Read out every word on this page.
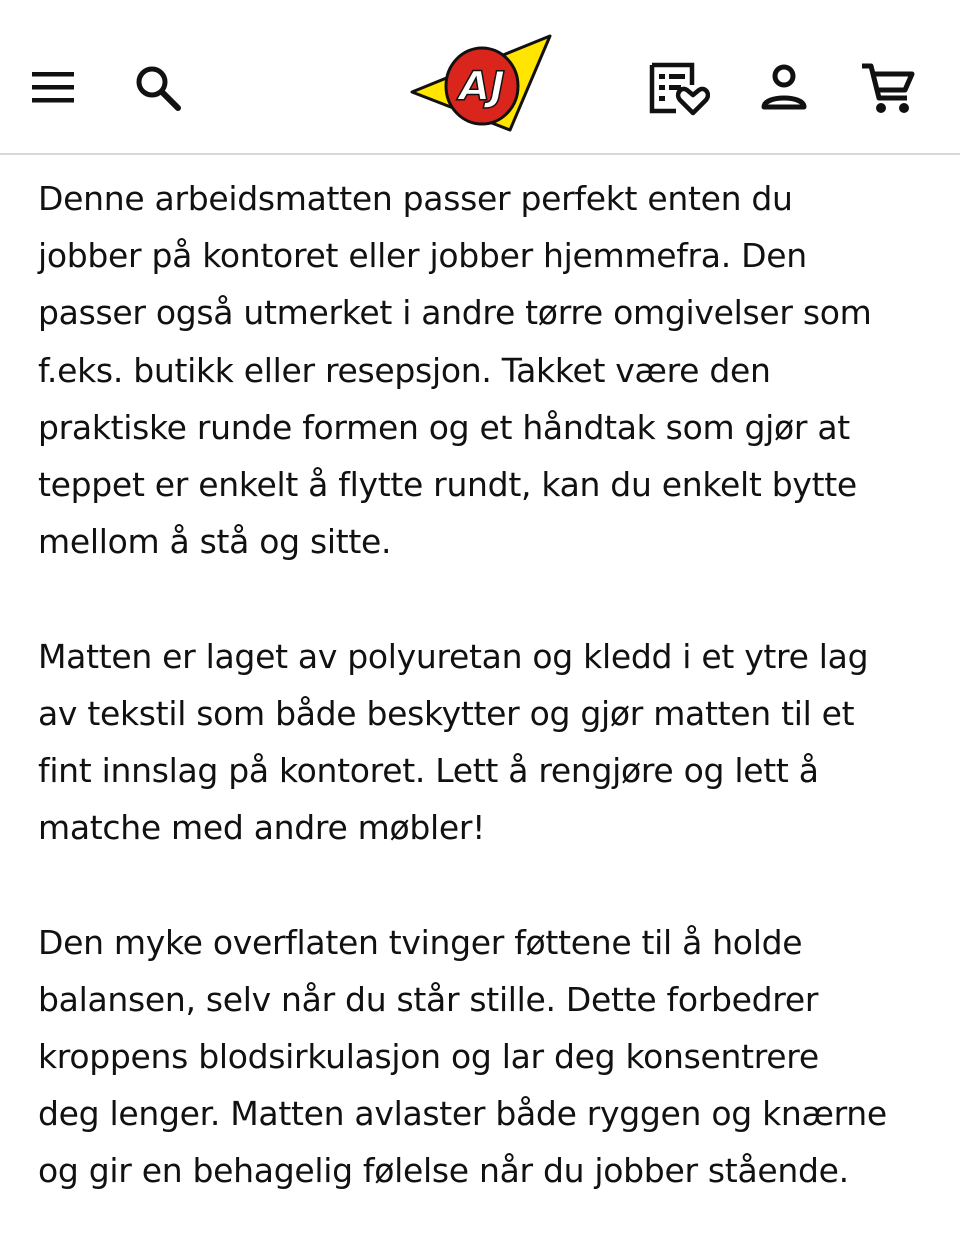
AJ

Denne arbeidsmatten passer perfekt enten du
jobber på kontoret eller jobber hjemmefra. Den
passer også utmerket i andre tørre omgivelser som
f.eks. butikk eller resepsjon. Takket være den
praktiske runde formen og et håndtak som gjør at
teppet er enkelt å flytte rundt, kan du enkelt bytte
mellom å stå og sitte.

Matten er laget av polyuretan og kledd i et ytre lag
av tekstil som både beskytter og gjør matten til et
fint innslag på kontoret. Lett å rengjøre og lett å
matche med andre møbler!

Den myke overflaten tvinger føttene til å holde
balansen, selv når du står stille. Dette forbedrer
kroppens blodsirkulasjon og lar deg konsentrere
deg lenger. Matten avlaster både ryggen og knærne
og gir en behagelig følelse når du jobber stående.
